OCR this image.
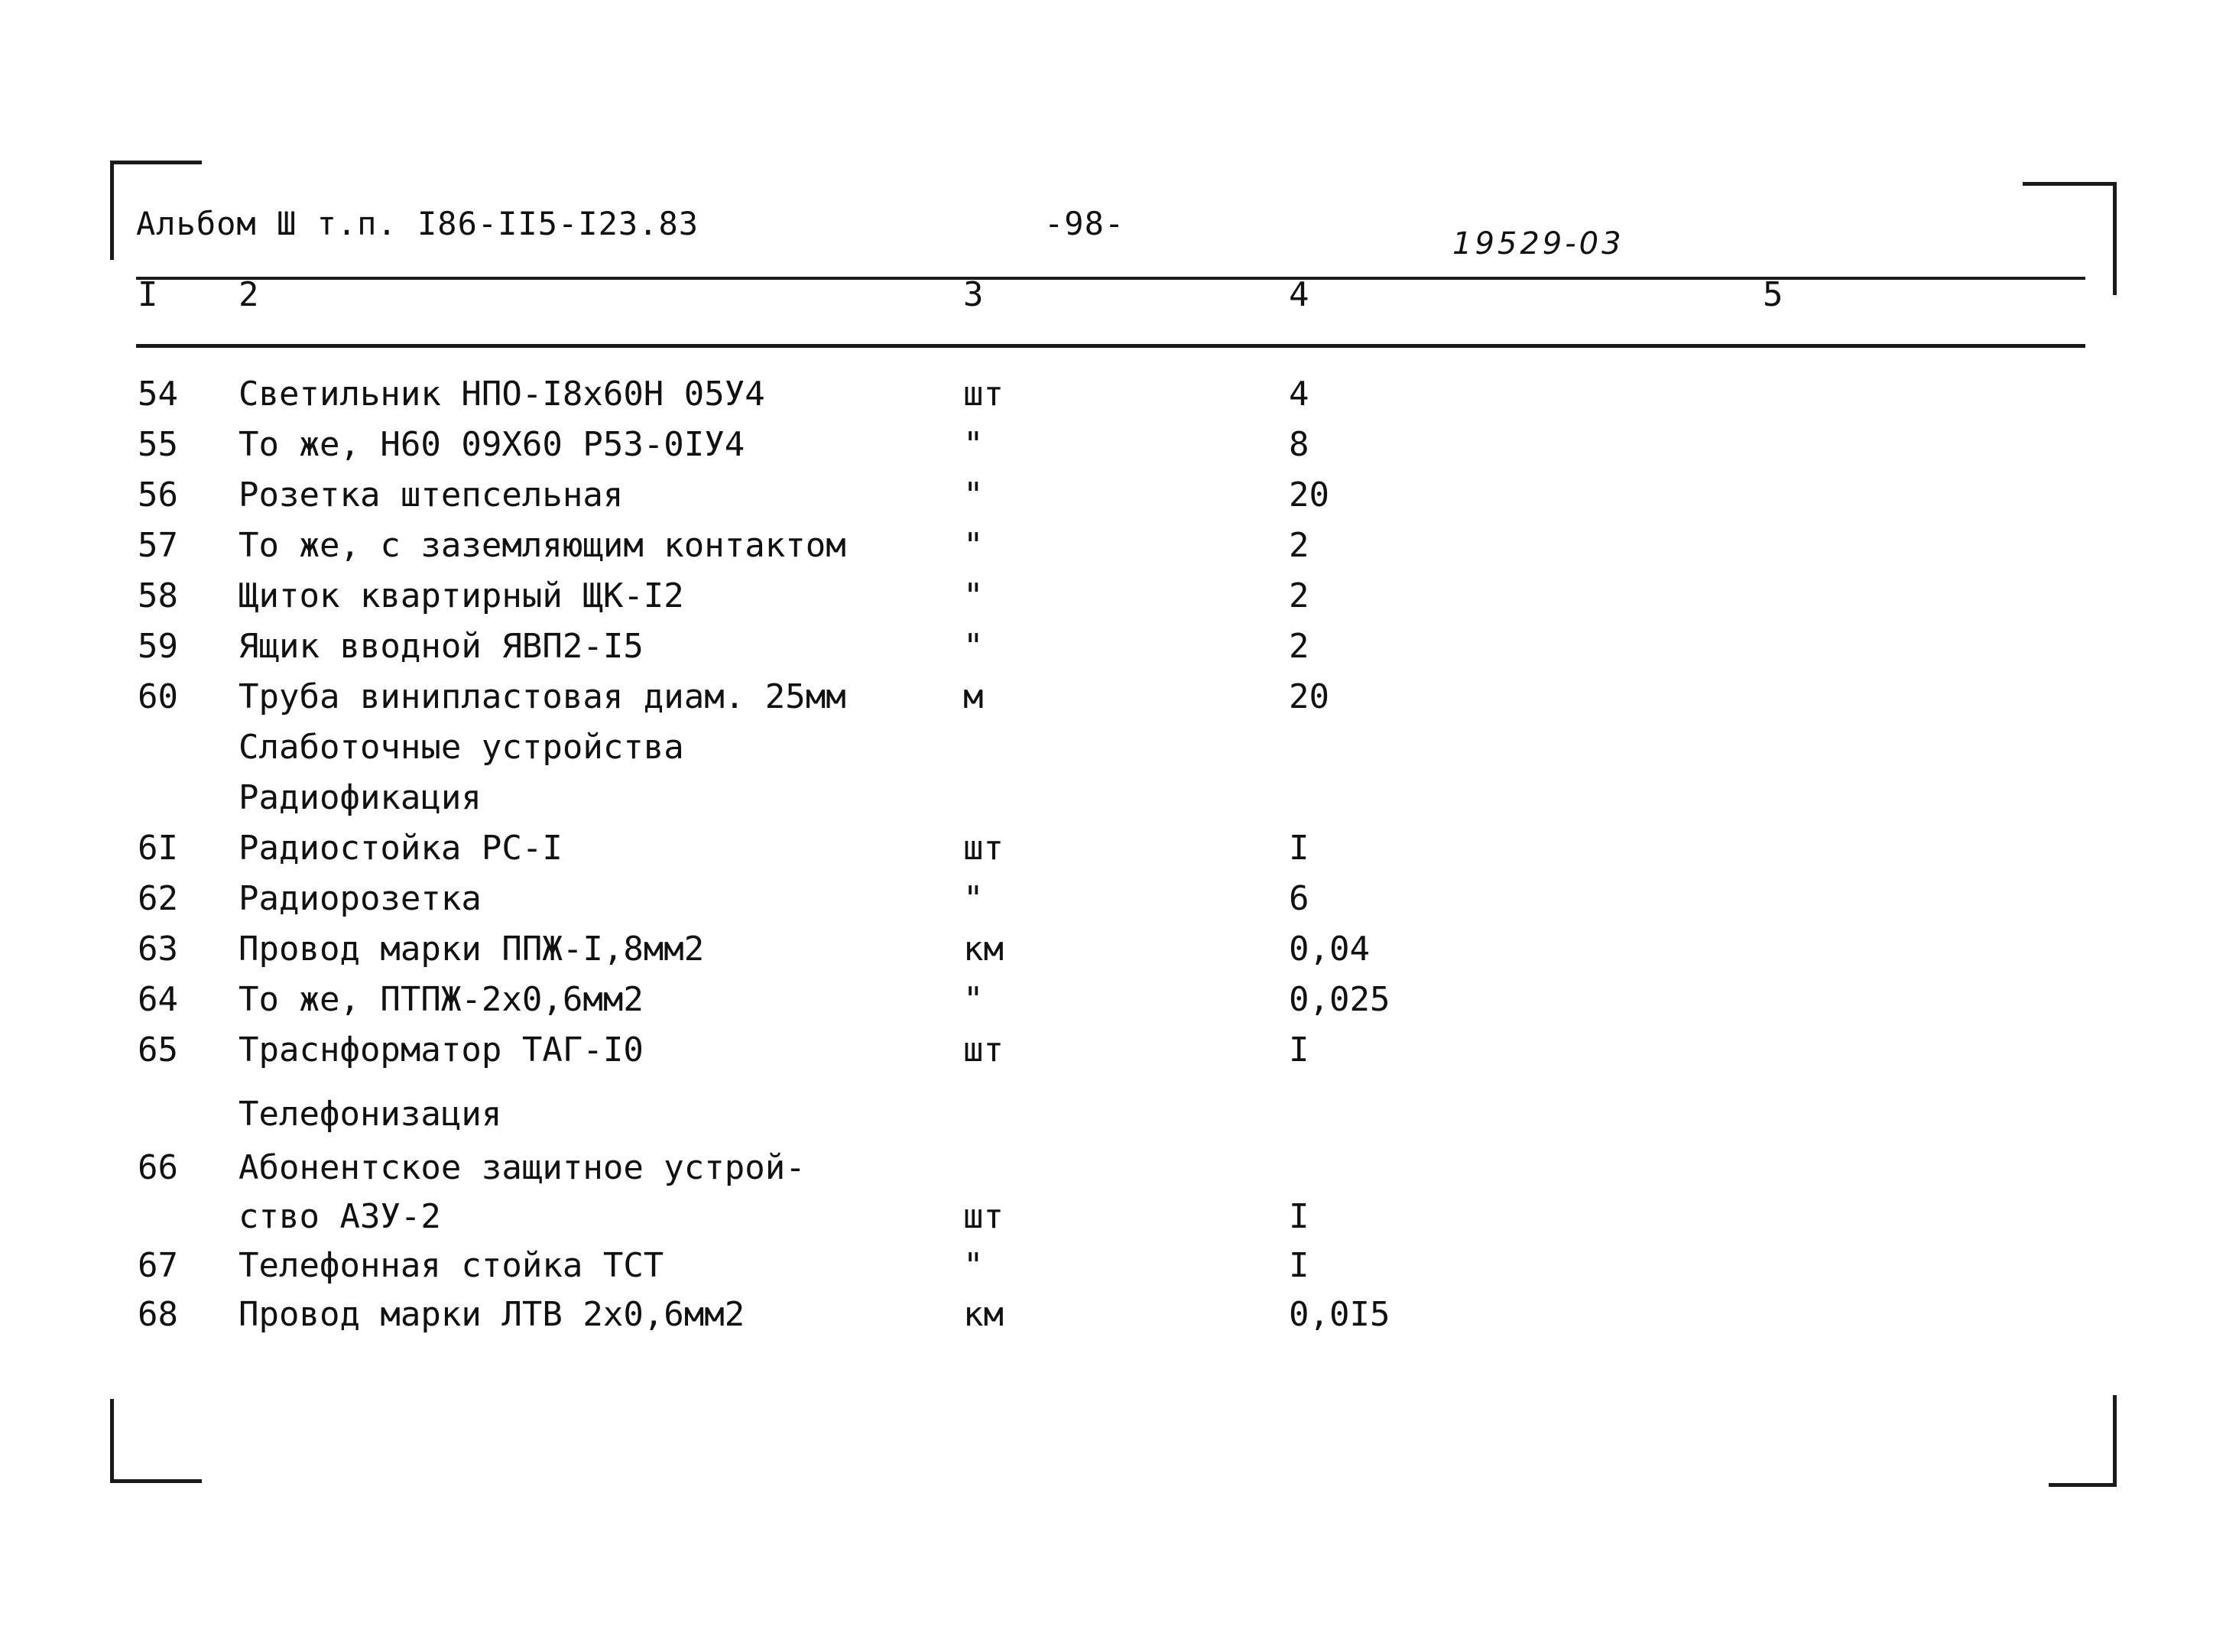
Альбом Ш т.п. I86-II5-I23.83	-98-
19529-03
I 2	3	4	5
54 Светильник НПО-I8х60Н 05У4	шт	4
55 То же, Н60 09Х60 Р53-0IУ4	"	8
56 Розетка штепсельная	"	20
57 То же, с заземляющим контактом	"	2
58 Щиток квартирный ЩК-I2	"	2
59 Ящик вводной ЯВП2-I5	"	2
60 Труба винипластовая диам. 25мм	м	20
Слаботочные устройства
Радиофикация
6I Радиостойка РС-I	шт	I
62 Радиорозетка	"	6
63 Провод марки ППЖ-I,8мм2	км	0,04
64 То же, ПТПЖ-2х0,6мм2	"	0,025
65 Траснформатор ТАГ-I0	шт	I
Телефонизация
66 Абонентское защитное устрой-
ство АЗУ-2	шт	I
67 Телефонная стойка ТСТ	"	I
68 Провод марки ЛТВ 2х0,6мм2	км	0,0I5
